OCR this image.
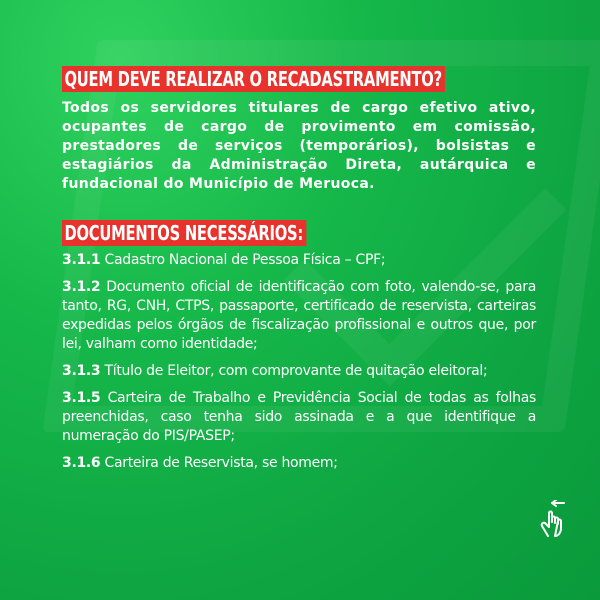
QUEM DEVE REALIZAR O RECADASTRAMENTO?

Todos os servidores titulares de cargo efetivo ativo, ocupantes de cargo de provimento em comissão, prestadores de serviços (temporários), bolsistas e estagiários da Administração Direta, autárquica e fundacional do Município de Meruoca.

DOCUMENTOS NECESSÁRIOS:

3.1.1 Cadastro Nacional de Pessoa Física – CPF;

3.1.2 Documento oficial de identificação com foto, valendo-se, para tanto, RG, CNH, CTPS, passaporte, certificado de reservista, carteiras expedidas pelos órgãos de fiscalização profissional e outros que, por lei, valham como identidade;

3.1.3 Título de Eleitor, com comprovante de quitação eleitoral;

3.1.5 Carteira de Trabalho e Previdência Social de todas as folhas preenchidas, caso tenha sido assinada e a que identifique a numeração do PIS/PASEP;

3.1.6 Carteira de Reservista, se homem;
